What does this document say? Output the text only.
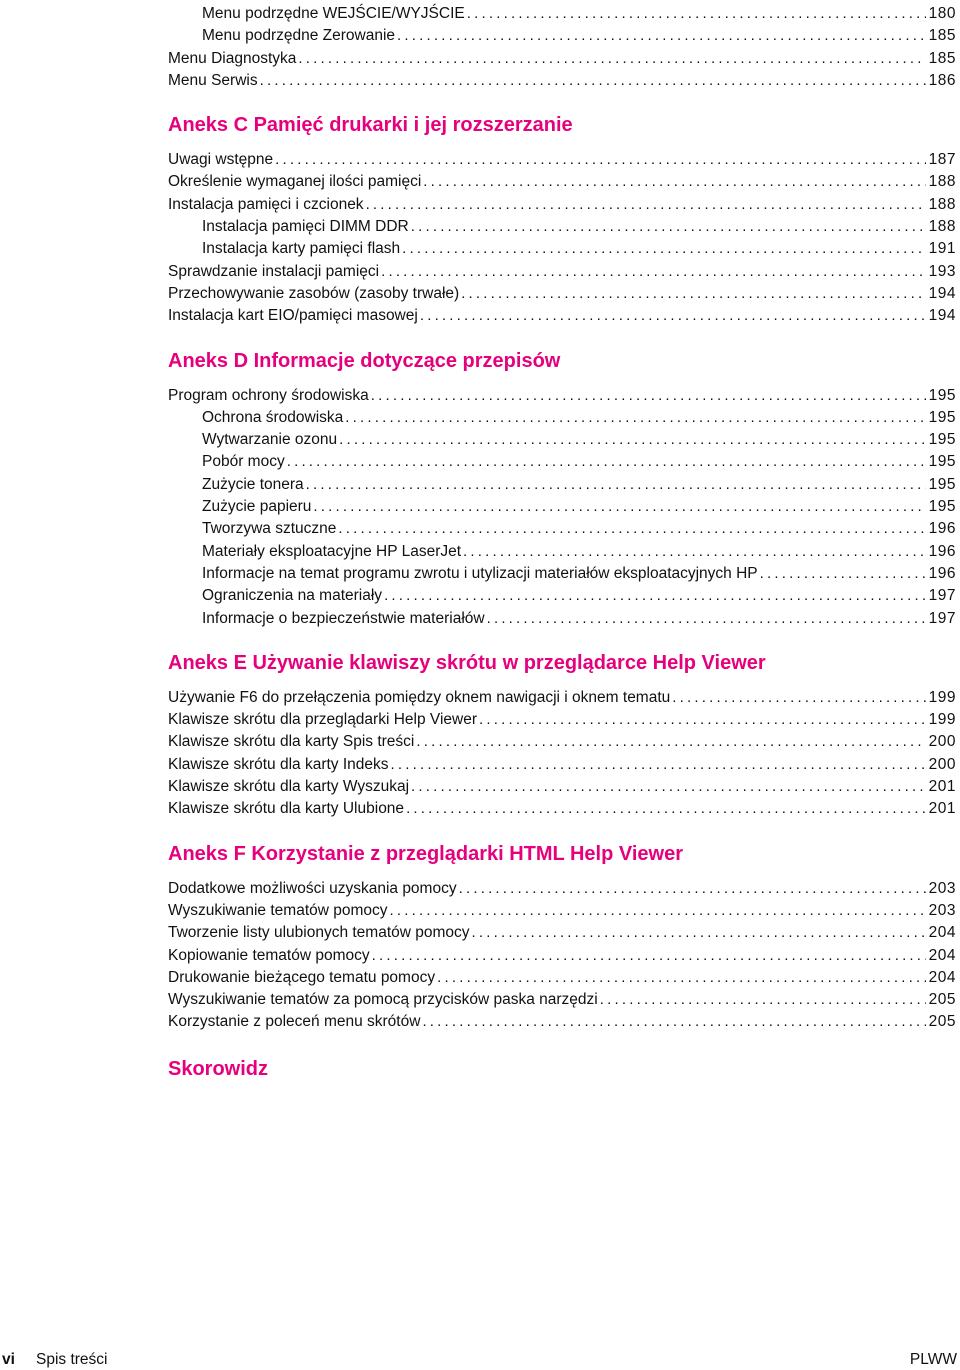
Menu podrzędne WEJŚCIE/WYJŚCIE .....	180
Menu podrzędne Zerowanie .....	185
Menu Diagnostyka .....	185
Menu Serwis .....	186
Aneks C Pamięć drukarki i jej rozszerzanie
Uwagi wstępne .....	187
Określenie wymaganej ilości pamięci .....	188
Instalacja pamięci i czcionek .....	188
Instalacja pamięci DIMM DDR .....	188
Instalacja karty pamięci flash .....	191
Sprawdzanie instalacji pamięci .....	193
Przechowywanie zasobów (zasoby trwałe) .....	194
Instalacja kart EIO/pamięci masowej .....	194
Aneks D Informacje dotyczące przepisów
Program ochrony środowiska .....	195
Ochrona środowiska .....	195
Wytwarzanie ozonu .....	195
Pobór mocy .....	195
Zużycie tonera .....	195
Zużycie papieru .....	195
Tworzywa sztuczne .....	196
Materiały eksploatacyjne HP LaserJet .....	196
Informacje na temat programu zwrotu i utylizacji materiałów eksploatacyjnych HP .....	196
Ograniczenia na materiały .....	197
Informacje o bezpieczeństwie materiałów .....	197
Aneks E Używanie klawiszy skrótu w przeglądarce Help Viewer
Używanie F6 do przełączenia pomiędzy oknem nawigacji i oknem tematu .....	199
Klawisze skrótu dla przeglądarki Help Viewer .....	199
Klawisze skrótu dla karty Spis treści .....	200
Klawisze skrótu dla karty Indeks .....	200
Klawisze skrótu dla karty Wyszukaj .....	201
Klawisze skrótu dla karty Ulubione .....	201
Aneks F Korzystanie z przeglądarki HTML Help Viewer
Dodatkowe możliwości uzyskania pomocy .....	203
Wyszukiwanie tematów pomocy .....	203
Tworzenie listy ulubionych tematów pomocy .....	204
Kopiowanie tematów pomocy .....	204
Drukowanie bieżącego tematu pomocy .....	204
Wyszukiwanie tematów za pomocą przycisków paska narzędzi .....	205
Korzystanie z poleceń menu skrótów .....	205
Skorowidz
vi Spis treści	PLWW
